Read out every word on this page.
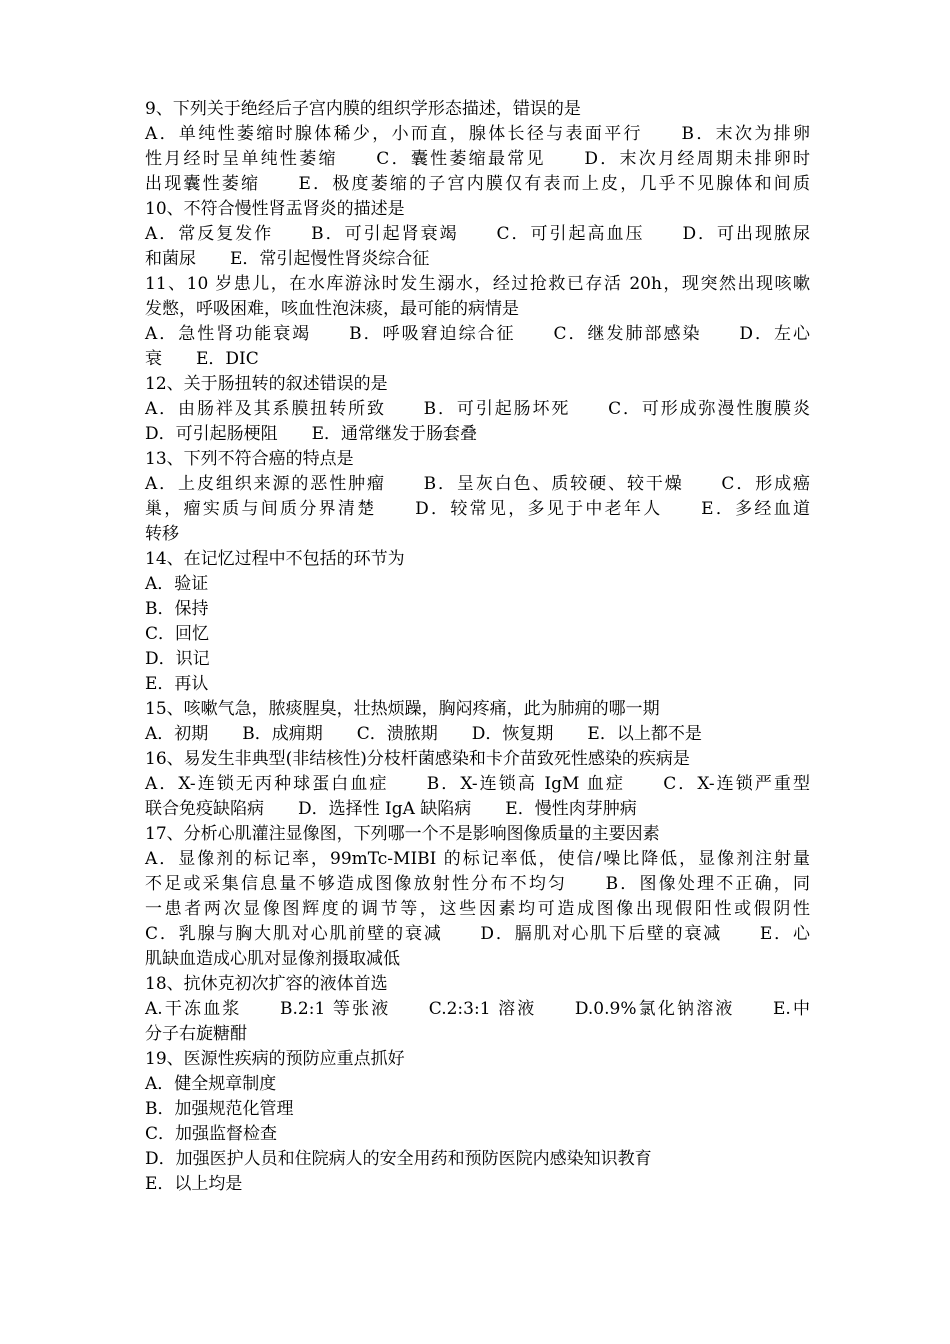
9、下列关于绝经后子宫内膜的组织学形态描述，错误的是
A．单纯性萎缩时腺体稀少，小而直，腺体长径与表面平行　　B．末次为排卵
性月经时呈单纯性萎缩　　C．囊性萎缩最常见　　D．末次月经周期未排卵时
出现囊性萎缩　　E．极度萎缩的子宫内膜仅有表而上皮，几乎不见腺体和间质
10、不符合慢性肾盂肾炎的描述是
A．常反复发作　　B．可引起肾衰竭　　C．可引起高血压　　D．可出现脓尿
和菌尿　　E．常引起慢性肾炎综合征
11、10 岁患儿，在水库游泳时发生溺水，经过抢救已存活 20h，现突然出现咳嗽
发憋，呼吸困难，咳血性泡沫痰，最可能的病情是
A．急性肾功能衰竭　　B．呼吸窘迫综合征　　C．继发肺部感染　　D．左心
衰　　E．DIC
12、关于肠扭转的叙述错误的是
A．由肠袢及其系膜扭转所致　　B．可引起肠坏死　　C．可形成弥漫性腹膜炎
D．可引起肠梗阻　　E．通常继发于肠套叠
13、下列不符合癌的特点是
A．上皮组织来源的恶性肿瘤　　B．呈灰白色、质较硬、较干燥　　C．形成癌
巢，瘤实质与间质分界清楚　　D．较常见，多见于中老年人　　E．多经血道
转移
14、在记忆过程中不包括的环节为
A．验证
B．保持
C．回忆
D．识记
E．再认
15、咳嗽气急，脓痰腥臭，壮热烦躁，胸闷疼痛，此为肺痈的哪一期
A．初期　　B．成痈期　　C．溃脓期　　D．恢复期　　E．以上都不是
16、易发生非典型(非结核性)分枝杆菌感染和卡介苗致死性感染的疾病是
A．X-连锁无丙种球蛋白血症　　B．X-连锁高 IgM 血症　　C．X-连锁严重型
联合免疫缺陷病　　D．选择性 IgA 缺陷病　　E．慢性肉芽肿病
17、分析心肌灌注显像图，下列哪一个不是影响图像质量的主要因素
A．显像剂的标记率，99mTc-MIBI 的标记率低，使信/噪比降低，显像剂注射量
不足或采集信息量不够造成图像放射性分布不均匀　　B．图像处理不正确，同
一患者两次显像图辉度的调节等，这些因素均可造成图像出现假阳性或假阴性
C．乳腺与胸大肌对心肌前壁的衰减　　D．膈肌对心肌下后壁的衰减　　E．心
肌缺血造成心肌对显像剂摄取减低
18、抗休克初次扩容的液体首选
A.干冻血浆　　B.2:1 等张液　　C.2:3:1 溶液　　D.0.9%氯化钠溶液　　E.中
分子右旋糖酣
19、医源性疾病的预防应重点抓好
A．健全规章制度
B．加强规范化管理
C．加强监督检查
D．加强医护人员和住院病人的安全用药和预防医院内感染知识教育
E．以上均是
